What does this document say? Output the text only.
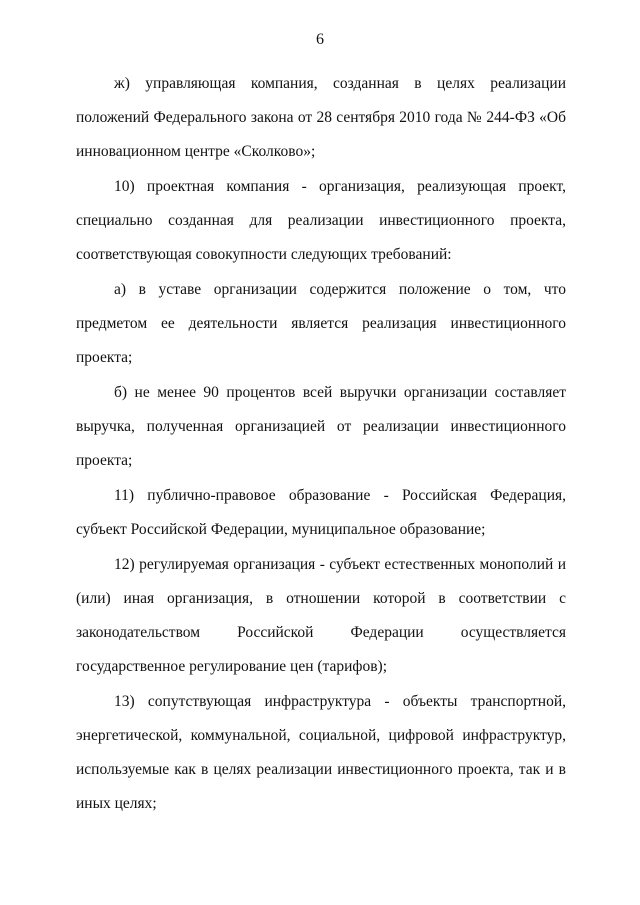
6

ж) управляющая компания, созданная в целях реализации положений Федерального закона от 28 сентября 2010 года № 244-ФЗ «Об инновационном центре «Сколково»;

10) проектная компания - организация, реализующая проект, специально созданная для реализации инвестиционного проекта, соответствующая совокупности следующих требований:

а) в уставе организации содержится положение о том, что предметом ее деятельности является реализация инвестиционного проекта;

б) не менее 90 процентов всей выручки организации составляет выручка, полученная организацией от реализации инвестиционного проекта;

11) публично-правовое образование - Российская Федерация, субъект Российской Федерации, муниципальное образование;

12) регулируемая организация - субъект естественных монополий и (или) иная организация, в отношении которой в соответствии с законодательством Российской Федерации осуществляется государственное регулирование цен (тарифов);

13) сопутствующая инфраструктура - объекты транспортной, энергетической, коммунальной, социальной, цифровой инфраструктур, используемые как в целях реализации инвестиционного проекта, так и в иных целях;
